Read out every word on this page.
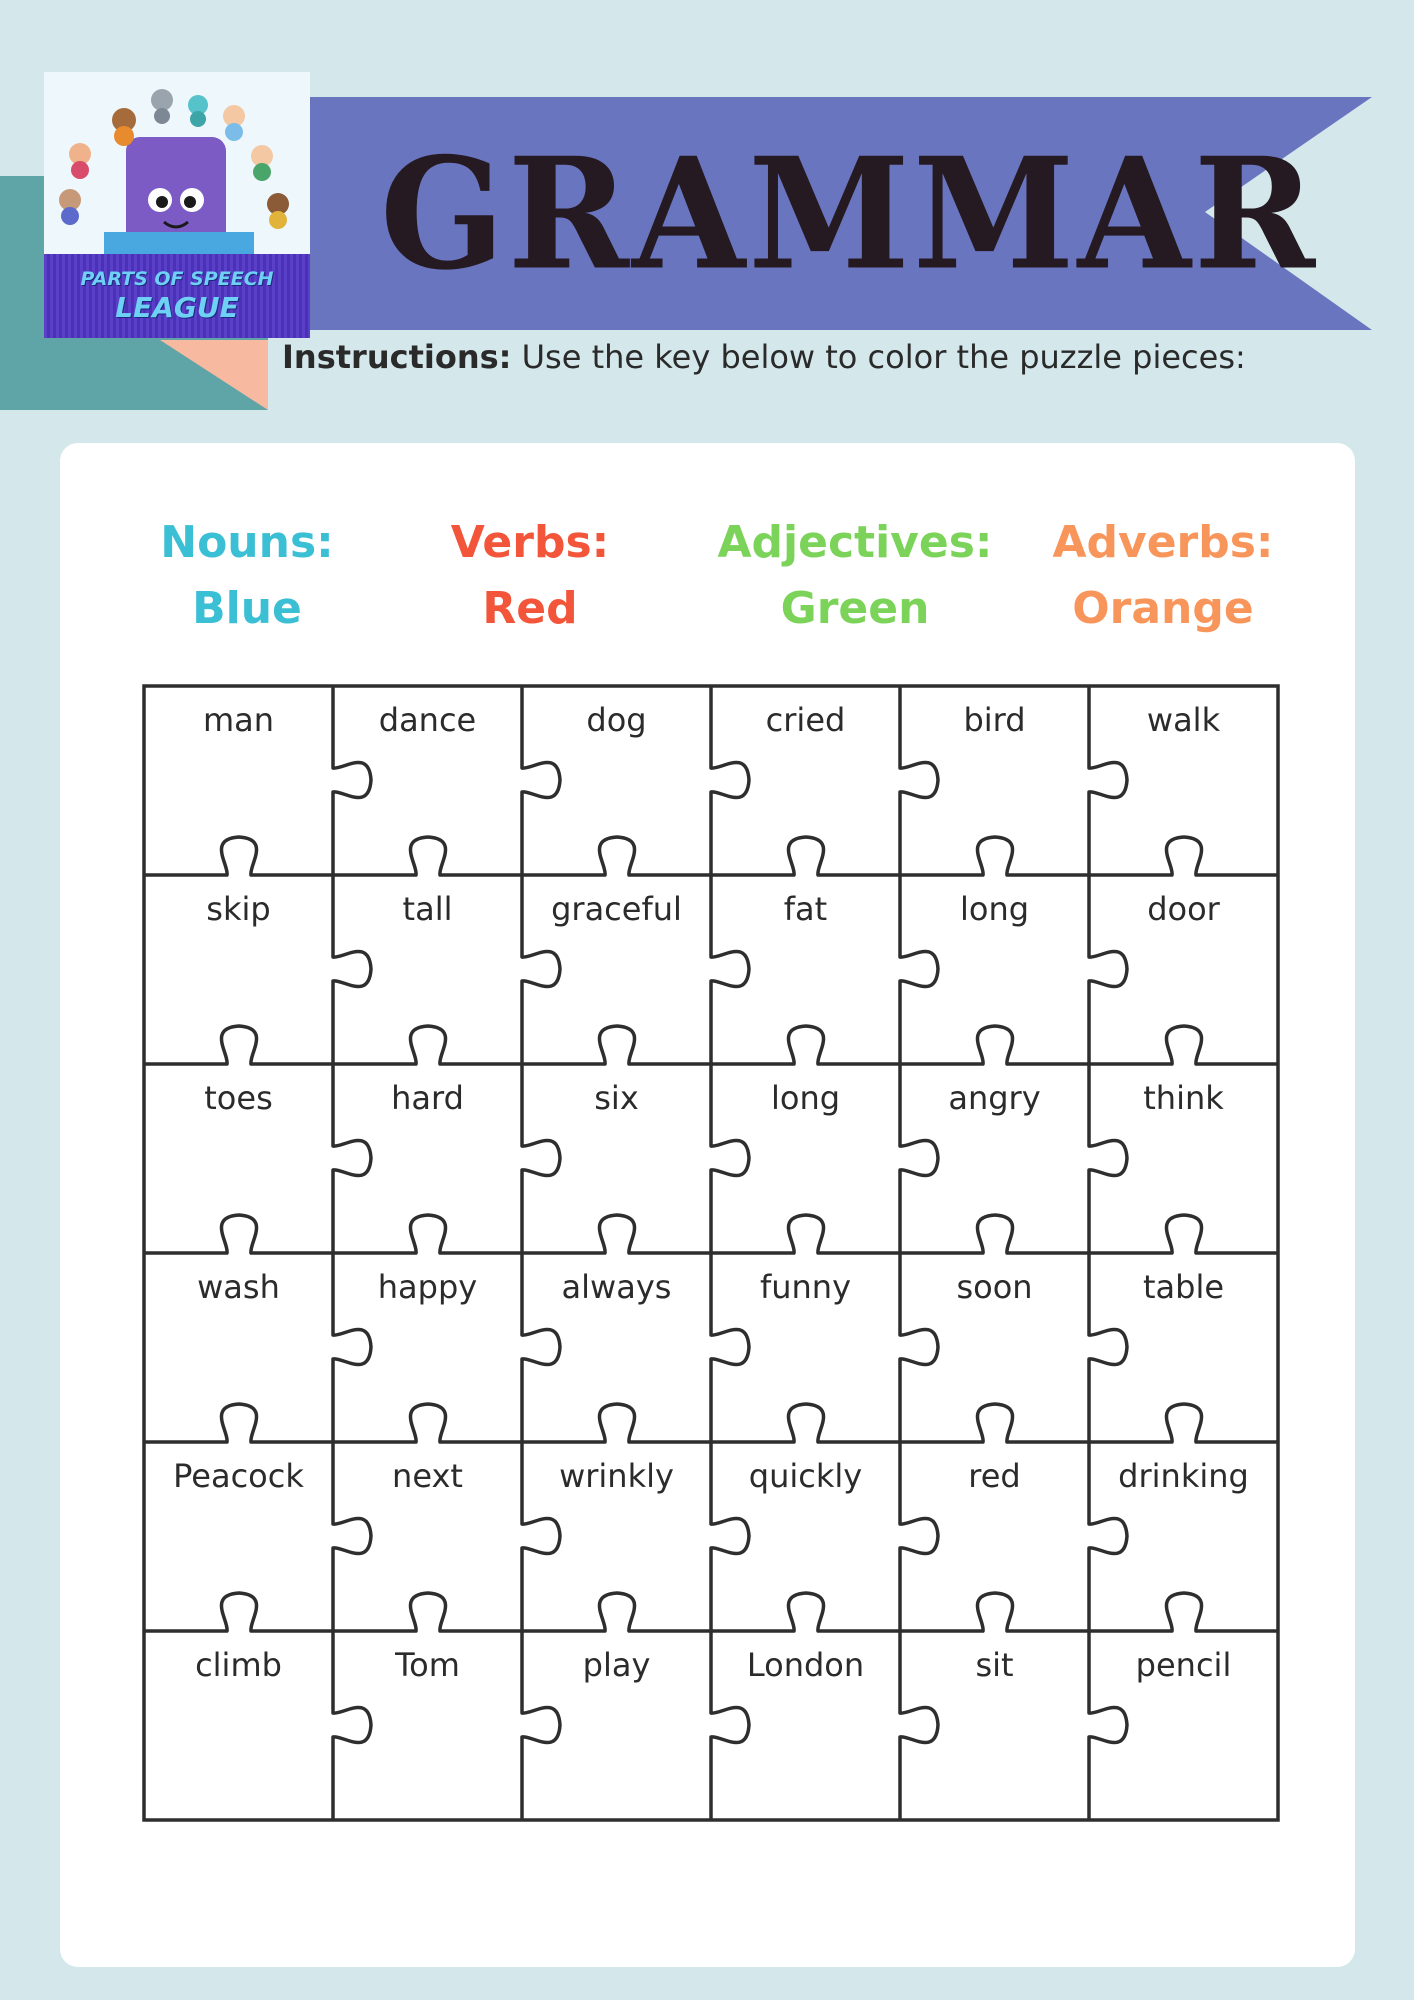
PARTS OF SPEECH
LEAGUE
GRAMMAR
Instructions: Use the key below to color the puzzle pieces:
Nouns:
Blue
Verbs:
Red
Adjectives:
Green
Adverbs:
Orange
man	dance	dog	cried	bird	walk
skip	tall	graceful	fat	long	door
toes	hard	six	long	angry	think
wash	happy	always	funny	soon	table
Peacock	next	wrinkly	quickly	red	drinking
climb	Tom	play	London	sit	pencil
